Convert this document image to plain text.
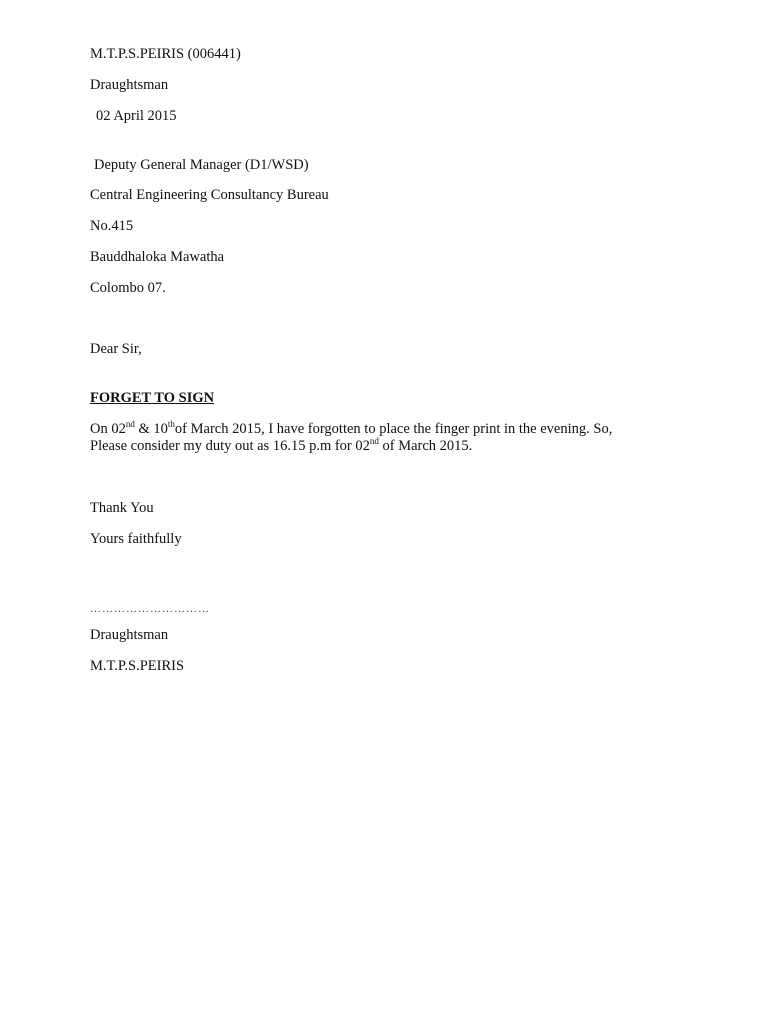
M.T.P.S.PEIRIS (006441)
Draughtsman
02 April 2015
Deputy General Manager (D1/WSD)
Central Engineering Consultancy Bureau
No.415
Bauddhaloka Mawatha
Colombo 07.
Dear Sir,
FORGET TO SIGN
On 02nd & 10thof March 2015, I have forgotten to place the finger print in the evening. So,
Please consider my duty out as 16.15 p.m for 02nd of March 2015.
Thank You
Yours faithfully
…………………………
Draughtsman
M.T.P.S.PEIRIS
